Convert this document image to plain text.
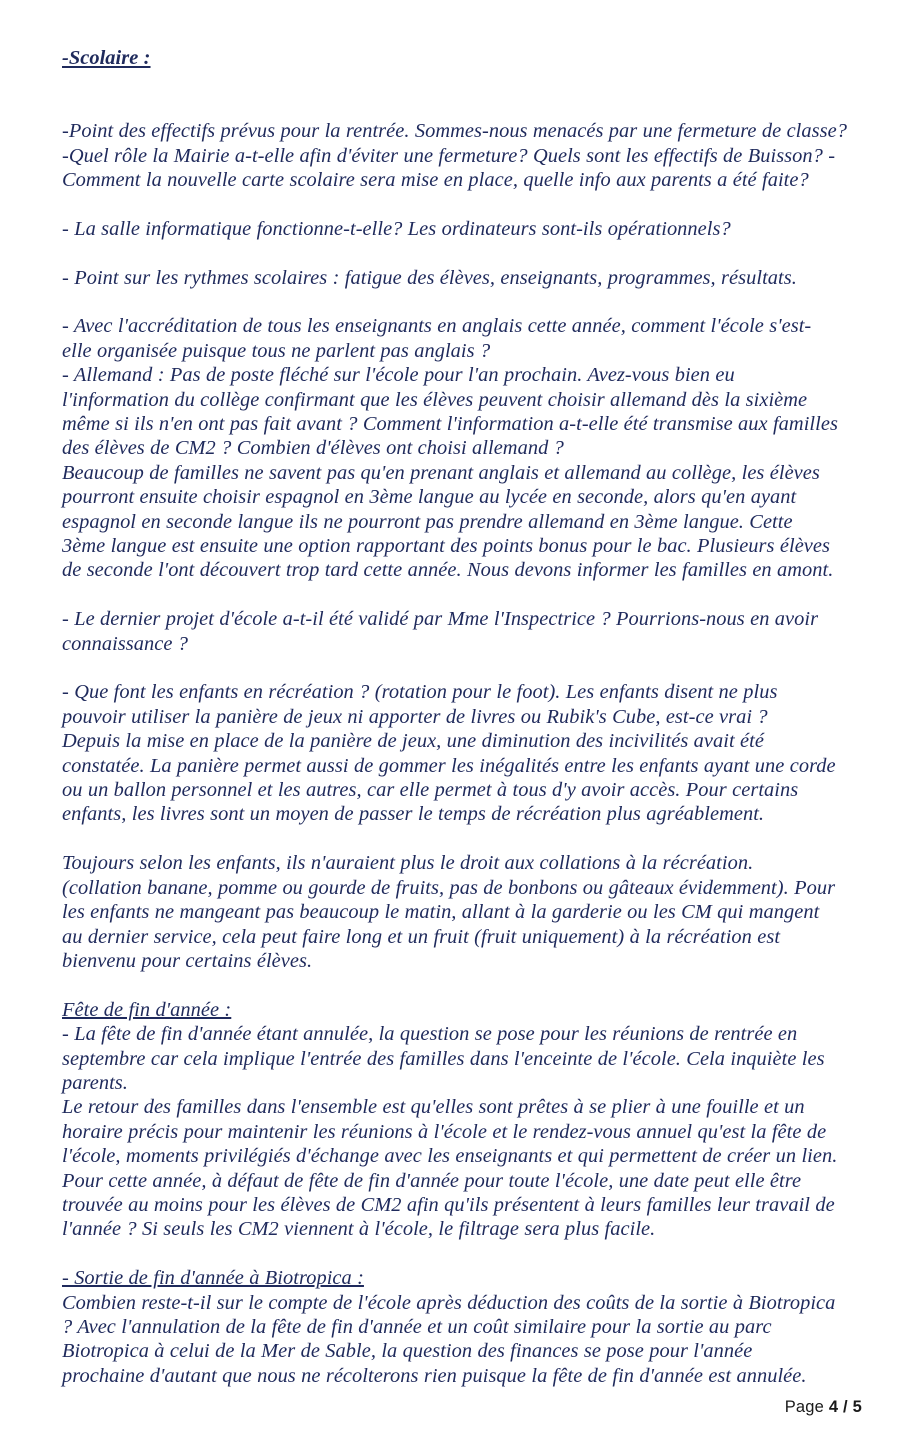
-Scolaire :

-Point des effectifs prévus pour la rentrée. Sommes-nous menacés par une fermeture de classe?
-Quel rôle la Mairie a-t-elle afin d'éviter une fermeture? Quels sont les effectifs de Buisson? -
Comment la nouvelle carte scolaire sera mise en place, quelle info aux parents a été faite?

- La salle informatique fonctionne-t-elle? Les ordinateurs sont-ils opérationnels?

- Point sur les rythmes scolaires : fatigue des élèves, enseignants, programmes, résultats.

- Avec l'accréditation de tous les enseignants en anglais cette année, comment l'école s'est-
elle organisée puisque tous ne parlent pas anglais ?
- Allemand : Pas de poste fléché sur l'école pour l'an prochain. Avez-vous bien eu
l'information du collège confirmant que les élèves peuvent choisir allemand dès la sixième
même si ils n'en ont pas fait avant ? Comment l'information a-t-elle été transmise aux familles
des élèves de CM2 ? Combien d'élèves ont choisi allemand ?
Beaucoup de familles ne savent pas qu'en prenant anglais et allemand au collège, les élèves
pourront ensuite choisir espagnol en 3ème langue au lycée en seconde, alors qu'en ayant
espagnol en seconde langue ils ne pourront pas prendre allemand en 3ème langue. Cette
3ème langue est ensuite une option rapportant des points bonus pour le bac. Plusieurs élèves
de seconde l'ont découvert trop tard cette année. Nous devons informer les familles en amont.

- Le dernier projet d'école a-t-il été validé par Mme l'Inspectrice ? Pourrions-nous en avoir
connaissance ?

- Que font les enfants en récréation ? (rotation pour le foot). Les enfants disent ne plus
pouvoir utiliser la panière de jeux ni apporter de livres ou Rubik's Cube, est-ce vrai ?
Depuis la mise en place de la panière de jeux, une diminution des incivilités avait été
constatée. La panière permet aussi de gommer les inégalités entre les enfants ayant une corde
ou un ballon personnel et les autres, car elle permet à tous d'y avoir accès. Pour certains
enfants, les livres sont un moyen de passer le temps de récréation plus agréablement.

Toujours selon les enfants, ils n'auraient plus le droit aux collations à la récréation.
(collation banane, pomme ou gourde de fruits, pas de bonbons ou gâteaux évidemment). Pour
les enfants ne mangeant pas beaucoup le matin, allant à la garderie ou les CM qui mangent
au dernier service, cela peut faire long et un fruit (fruit uniquement) à la récréation est
bienvenu pour certains élèves.

Fête de fin d'année :

- La fête de fin d'année étant annulée, la question se pose pour les réunions de rentrée en
septembre car cela implique l'entrée des familles dans l'enceinte de l'école. Cela inquiète les
parents.
Le retour des familles dans l'ensemble est qu'elles sont prêtes à se plier à une fouille et un
horaire précis pour maintenir les réunions à l'école et le rendez-vous annuel qu'est la fête de
l'école, moments privilégiés d'échange avec les enseignants et qui permettent de créer un lien.
Pour cette année, à défaut de fête de fin d'année pour toute l'école, une date peut elle être
trouvée au moins pour les élèves de CM2 afin qu'ils présentent à leurs familles leur travail de
l'année ? Si seuls les CM2 viennent à l'école, le filtrage sera plus facile.

- Sortie de fin d'année à Biotropica :

Combien reste-t-il sur le compte de l'école après déduction des coûts de la sortie à Biotropica
? Avec l'annulation de la fête de fin d'année et un coût similaire pour la sortie au parc
Biotropica à celui de la Mer de Sable, la question des finances se pose pour l'année
prochaine d'autant que nous ne récolterons rien puisque la fête de fin d'année est annulée.

Page 4 / 5
